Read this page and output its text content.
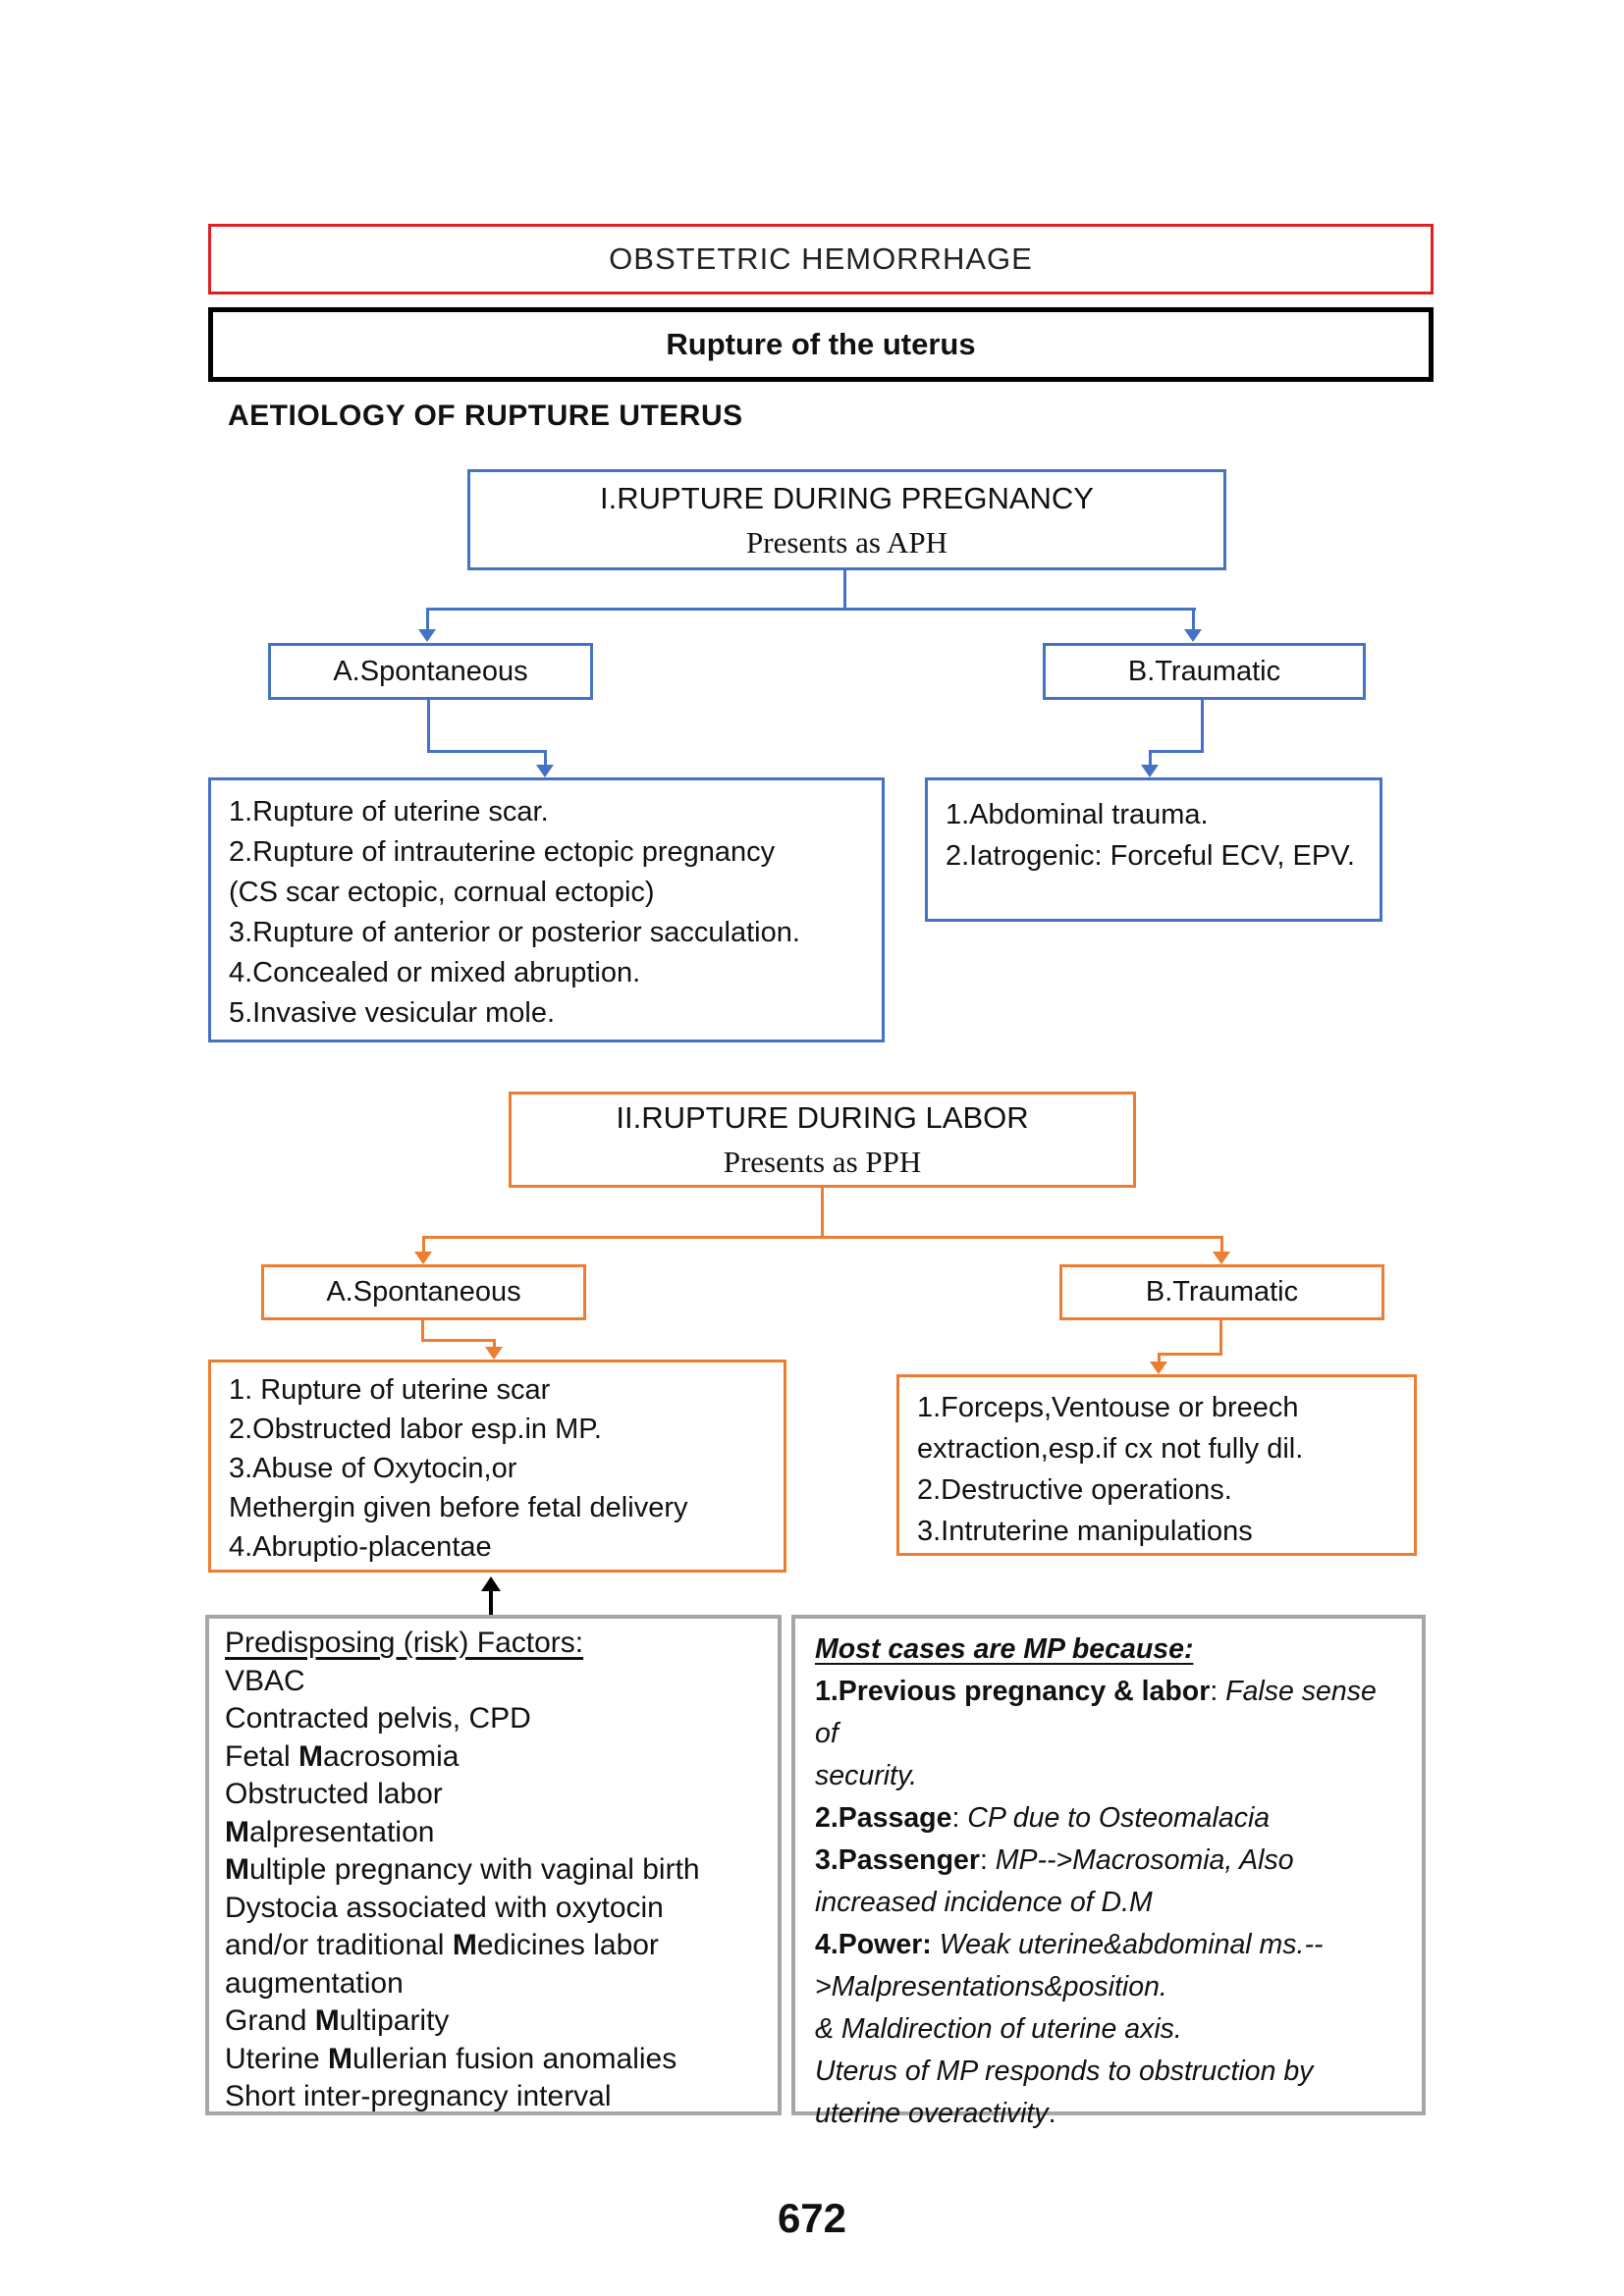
OBSTETRIC HEMORRHAGE
Rupture of the uterus
AETIOLOGY OF RUPTURE UTERUS
I.RUPTURE DURING PREGNANCY
Presents as APH
A.Spontaneous	B.Traumatic
1.Rupture of uterine scar.
2.Rupture of intrauterine ectopic pregnancy
(CS scar ectopic, cornual ectopic)
3.Rupture of anterior or posterior sacculation.
4.Concealed or mixed abruption.
5.Invasive vesicular mole.
1.Abdominal trauma.
2.Iatrogenic: Forceful ECV, EPV.
II.RUPTURE DURING LABOR
Presents as PPH
A.Spontaneous	B.Traumatic
1. Rupture of uterine scar
2.Obstructed labor esp.in MP.
3.Abuse of Oxytocin,or
Methergin given before fetal delivery
4.Abruptio-placentae
1.Forceps,Ventouse or breech
extraction,esp.if cx not fully dil.
2.Destructive operations.
3.Intruterine manipulations
Predisposing (risk) Factors:
VBAC
Contracted pelvis, CPD
Fetal Macrosomia
Obstructed labor
Malpresentation
Multiple pregnancy with vaginal birth
Dystocia associated with oxytocin
and/or traditional Medicines labor
augmentation
Grand Multiparity
Uterine Mullerian fusion anomalies
Short inter-pregnancy interval
Most cases are MP because:
1.Previous pregnancy & labor: False sense of
security.
2.Passage: CP due to Osteomalacia
3.Passenger: MP-->Macrosomia, Also
increased incidence of D.M
4.Power: Weak uterine&abdominal ms.--
>Malpresentations&position.
& Maldirection of uterine axis.
Uterus of MP responds to obstruction by
uterine overactivity.
672
